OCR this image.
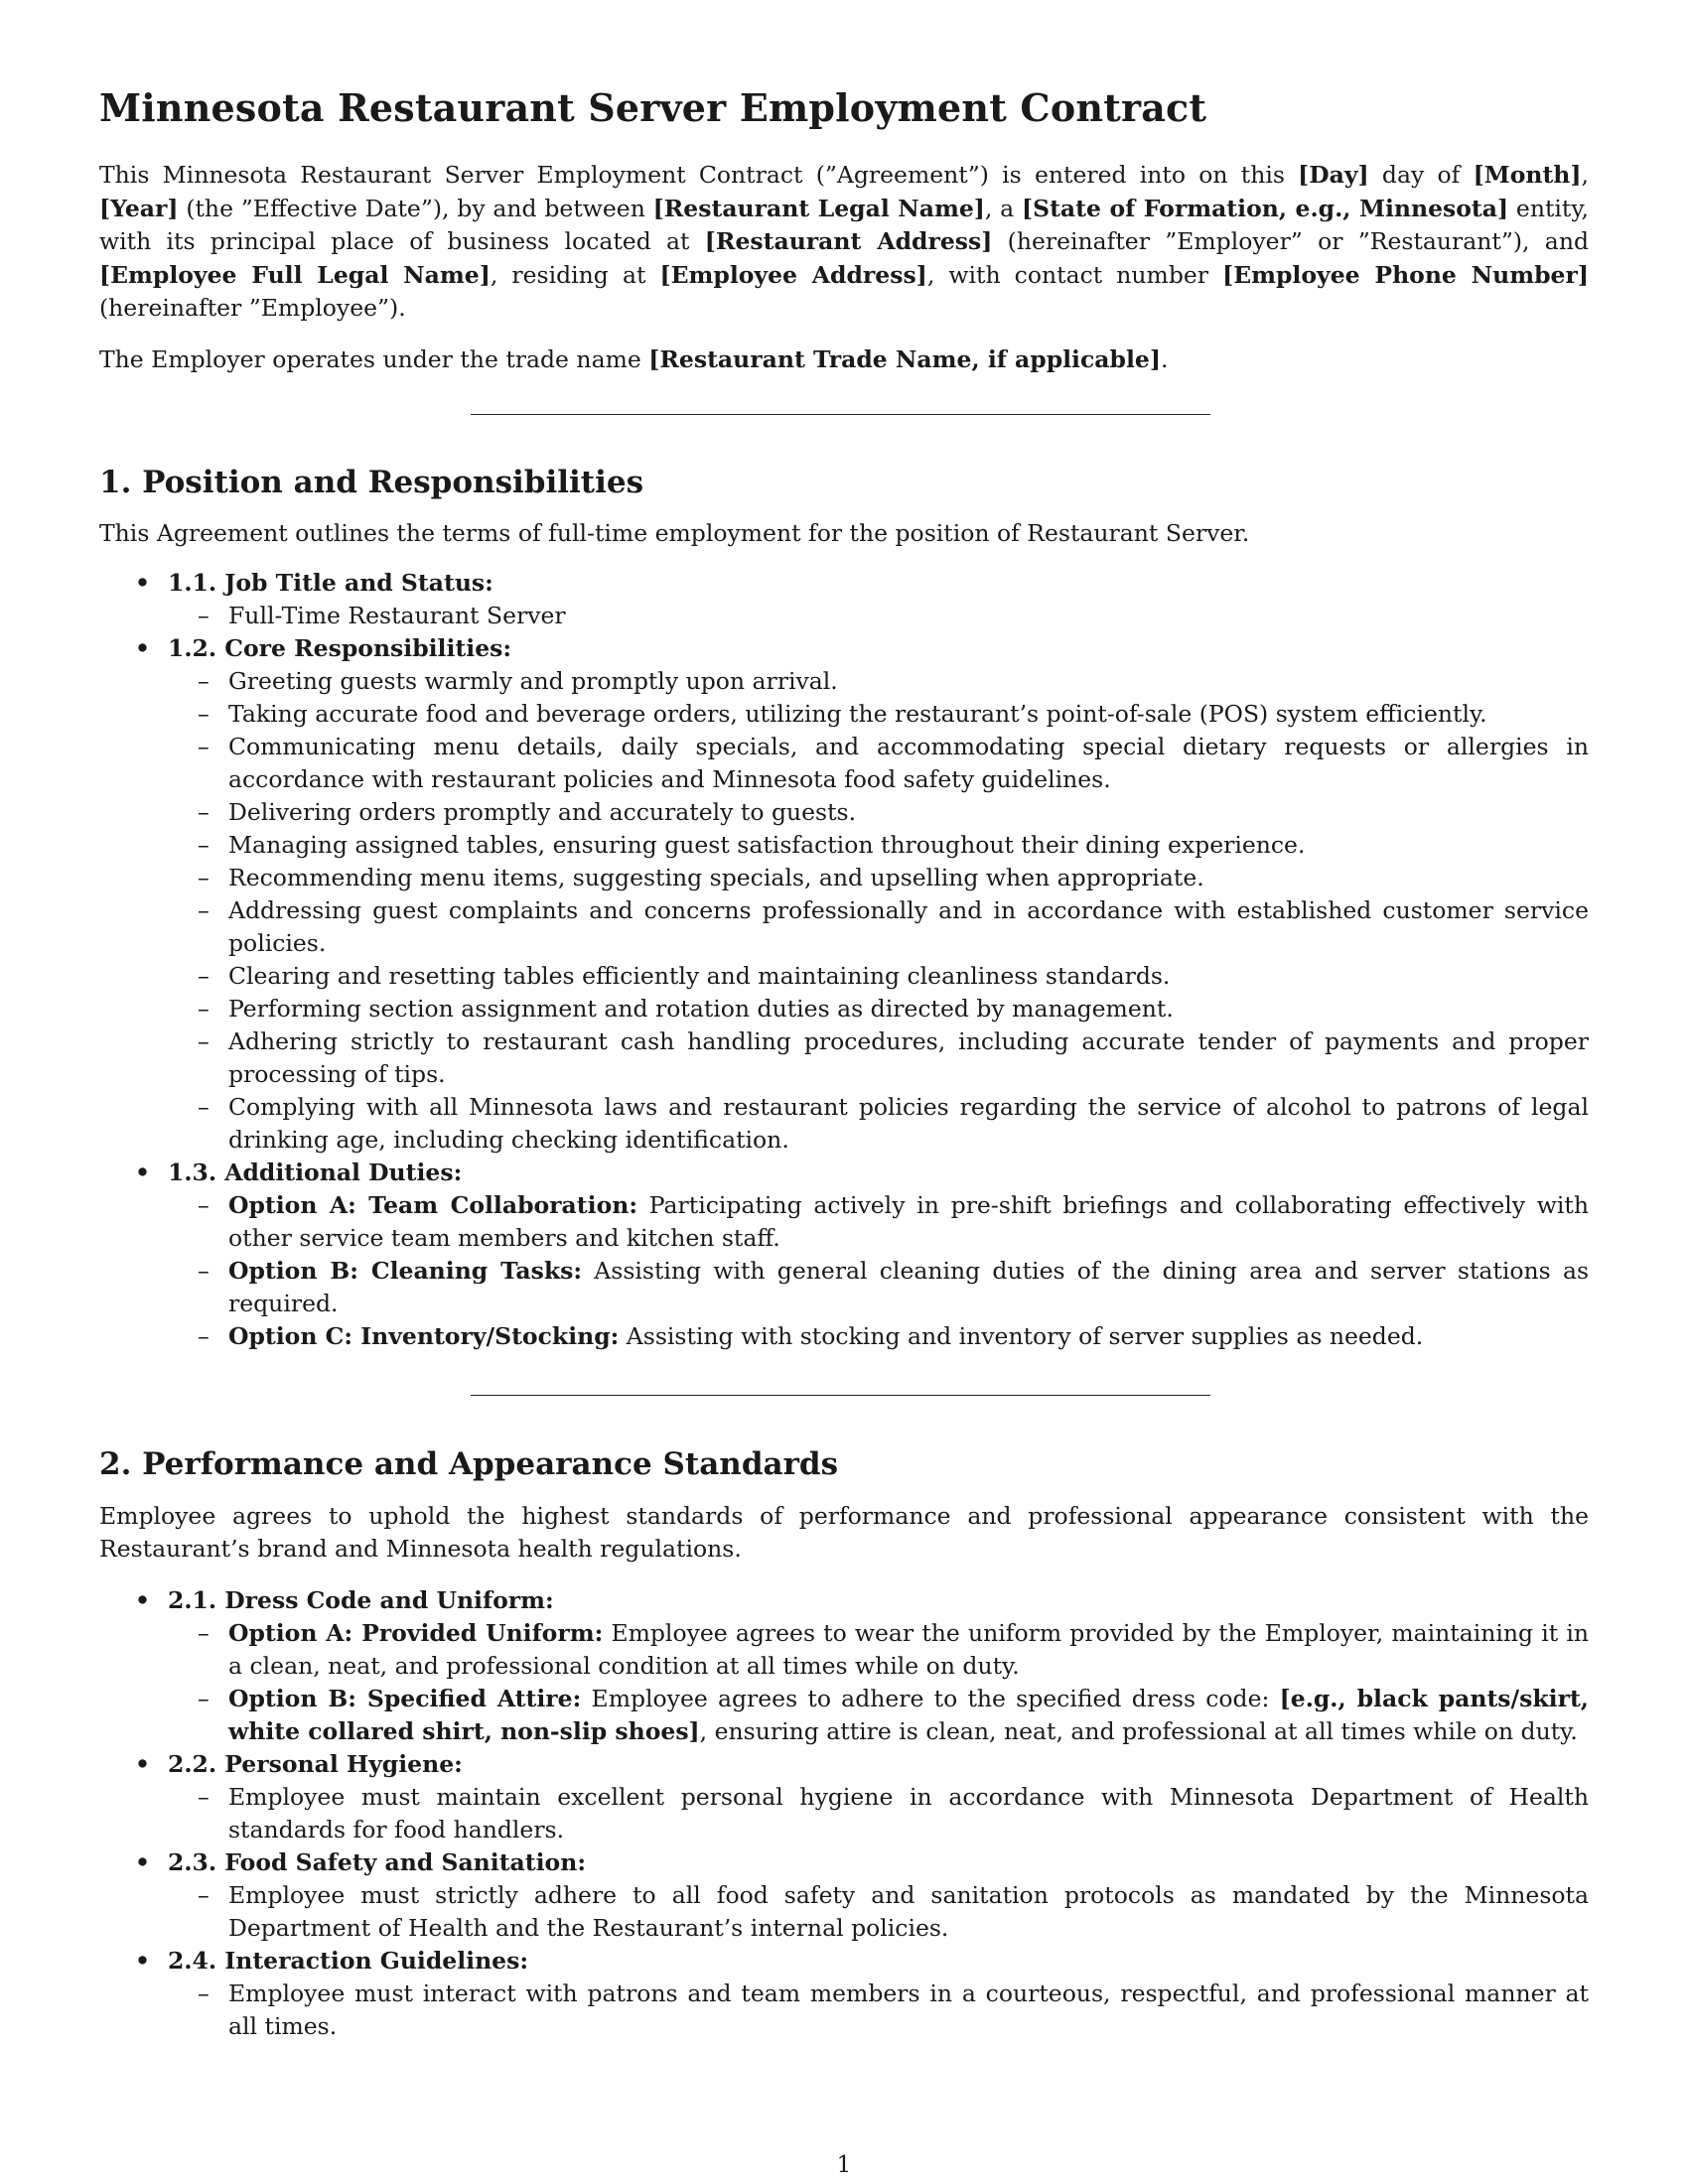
Minnesota Restaurant Server Employment Contract

This Minnesota Restaurant Server Employment Contract (”Agreement”) is entered into on this [Day] day of [Month], [Year] (the ”Effective Date”), by and between [Restaurant Legal Name], a [State of Formation, e.g., Minnesota] entity, with its principal place of business located at [Restaurant Address] (hereinafter ”Employer” or ”Restaurant”), and [Employee Full Legal Name], residing at [Employee Address], with contact number [Employee Phone Number] (hereinafter ”Employee”).

The Employer operates under the trade name [Restaurant Trade Name, if applicable].

1. Position and Responsibilities

This Agreement outlines the terms of full-time employment for the position of Restaurant Server.

• 1.1. Job Title and Status:
– Full-Time Restaurant Server
• 1.2. Core Responsibilities:
– Greeting guests warmly and promptly upon arrival.
– Taking accurate food and beverage orders, utilizing the restaurant’s point-of-sale (POS) system efficiently.
– Communicating menu details, daily specials, and accommodating special dietary requests or allergies in accordance with restaurant policies and Minnesota food safety guidelines.
– Delivering orders promptly and accurately to guests.
– Managing assigned tables, ensuring guest satisfaction throughout their dining experience.
– Recommending menu items, suggesting specials, and upselling when appropriate.
– Addressing guest complaints and concerns professionally and in accordance with established customer service policies.
– Clearing and resetting tables efficiently and maintaining cleanliness standards.
– Performing section assignment and rotation duties as directed by management.
– Adhering strictly to restaurant cash handling procedures, including accurate tender of payments and proper processing of tips.
– Complying with all Minnesota laws and restaurant policies regarding the service of alcohol to patrons of legal drinking age, including checking identification.
• 1.3. Additional Duties:
– Option A: Team Collaboration: Participating actively in pre-shift briefings and collaborating effectively with other service team members and kitchen staff.
– Option B: Cleaning Tasks: Assisting with general cleaning duties of the dining area and server stations as required.
– Option C: Inventory/Stocking: Assisting with stocking and inventory of server supplies as needed.
2. Performance and Appearance Standards

Employee agrees to uphold the highest standards of performance and professional appearance consistent with the Restaurant’s brand and Minnesota health regulations.

• 2.1. Dress Code and Uniform:
– Option A: Provided Uniform: Employee agrees to wear the uniform provided by the Employer, maintaining it in a clean, neat, and professional condition at all times while on duty.
– Option B: Specified Attire: Employee agrees to adhere to the specified dress code: [e.g., black pants/skirt, white collared shirt, non-slip shoes], ensuring attire is clean, neat, and professional at all times while on duty.
• 2.2. Personal Hygiene:
– Employee must maintain excellent personal hygiene in accordance with Minnesota Department of Health standards for food handlers.
• 2.3. Food Safety and Sanitation:
– Employee must strictly adhere to all food safety and sanitation protocols as mandated by the Minnesota Department of Health and the Restaurant’s internal policies.
• 2.4. Interaction Guidelines:
– Employee must interact with patrons and team members in a courteous, respectful, and professional manner at all times.
1
